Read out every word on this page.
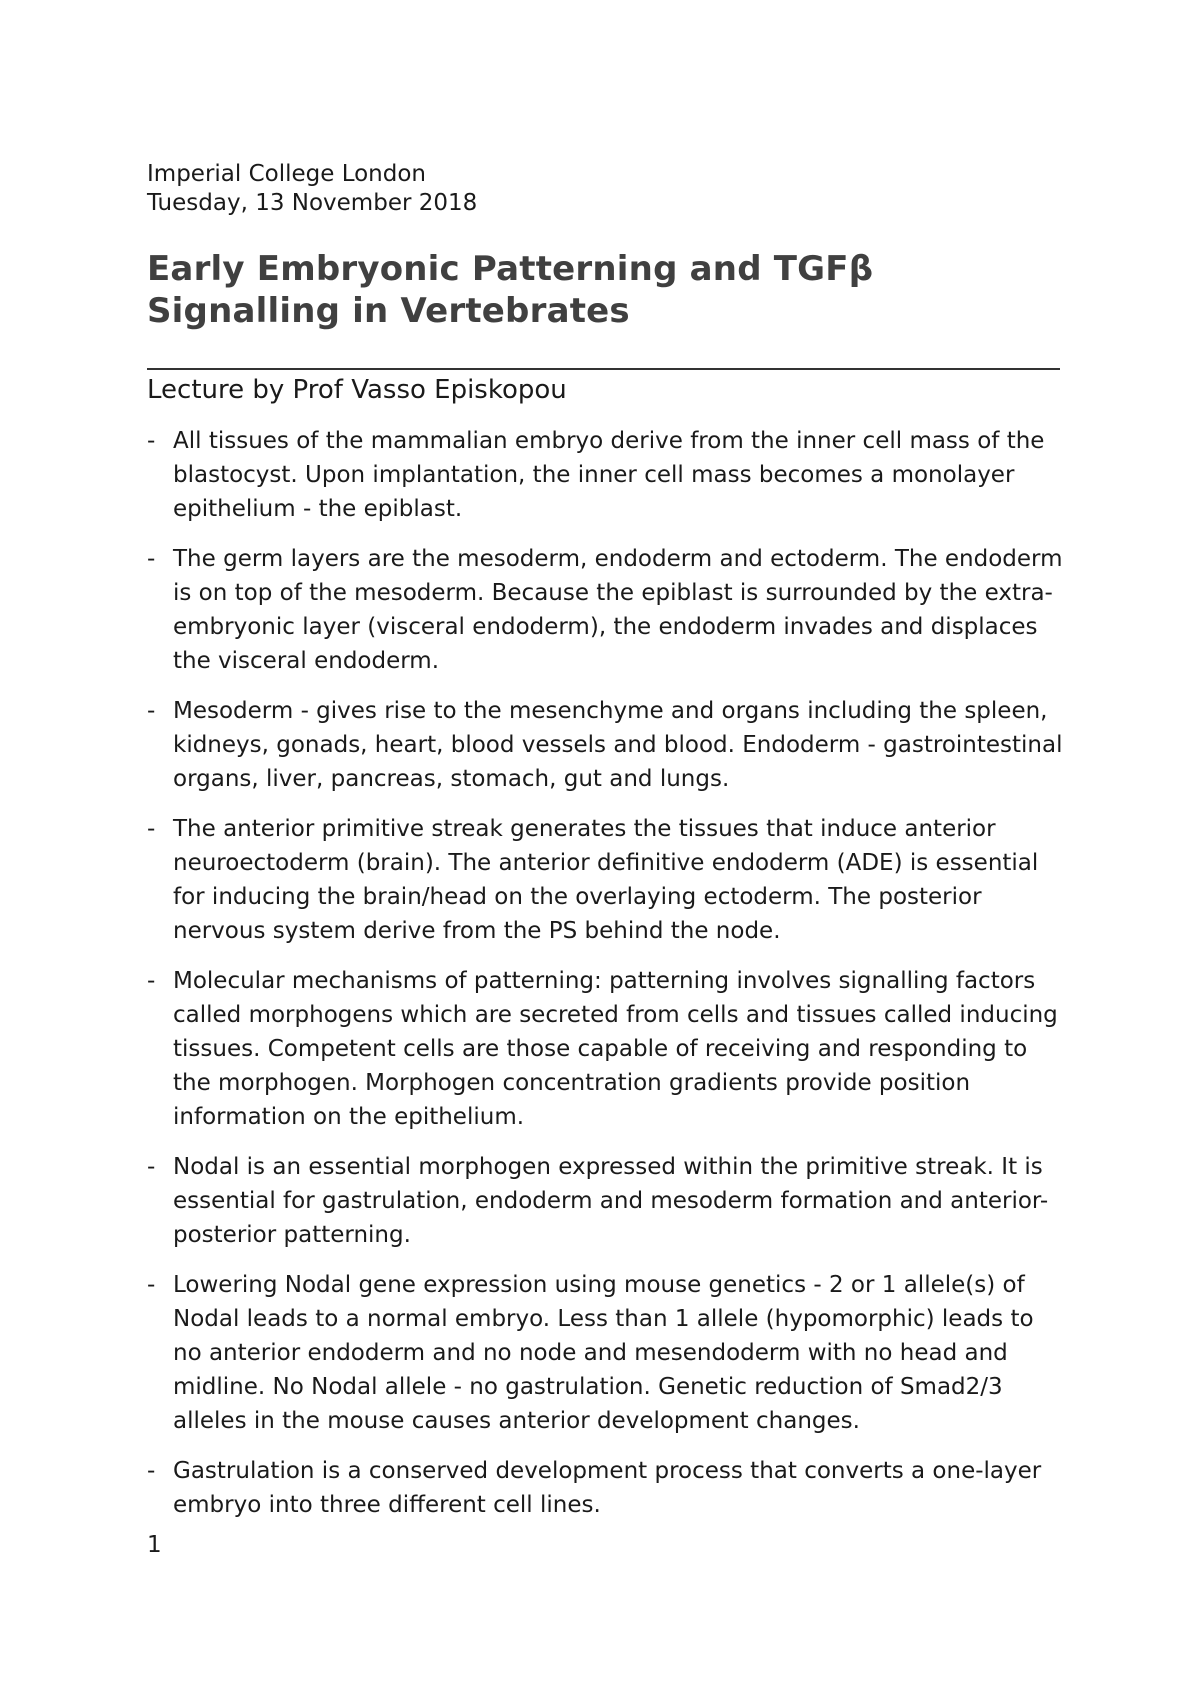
Imperial College London

Tuesday, 13 November 2018

Early Embryonic Patterning and TGFβ Signalling in Vertebrates

Lecture by Prof Vasso Episkopou

- All tissues of the mammalian embryo derive from the inner cell mass of the blastocyst. Upon implantation, the inner cell mass becomes a monolayer epithelium - the epiblast.
- The germ layers are the mesoderm, endoderm and ectoderm. The endoderm is on top of the mesoderm. Because the epiblast is surrounded by the extra-embryonic layer (visceral endoderm), the endoderm invades and displaces the visceral endoderm.
- Mesoderm - gives rise to the mesenchyme and organs including the spleen, kidneys, gonads, heart, blood vessels and blood. Endoderm - gastrointestinal organs, liver, pancreas, stomach, gut and lungs.
- The anterior primitive streak generates the tissues that induce anterior neuroectoderm (brain). The anterior definitive endoderm (ADE) is essential for inducing the brain/head on the overlaying ectoderm. The posterior nervous system derive from the PS behind the node.
- Molecular mechanisms of patterning: patterning involves signalling factors called morphogens which are secreted from cells and tissues called inducing tissues. Competent cells are those capable of receiving and responding to the morphogen. Morphogen concentration gradients provide position information on the epithelium.
- Nodal is an essential morphogen expressed within the primitive streak. It is essential for gastrulation, endoderm and mesoderm formation and anterior-posterior patterning.
- Lowering Nodal gene expression using mouse genetics - 2 or 1 allele(s) of Nodal leads to a normal embryo. Less than 1 allele (hypomorphic) leads to no anterior endoderm and no node and mesendoderm with no head and midline. No Nodal allele - no gastrulation. Genetic reduction of Smad2/3 alleles in the mouse causes anterior development changes.
- Gastrulation is a conserved development process that converts a one-layer embryo into three different cell lines.
1
